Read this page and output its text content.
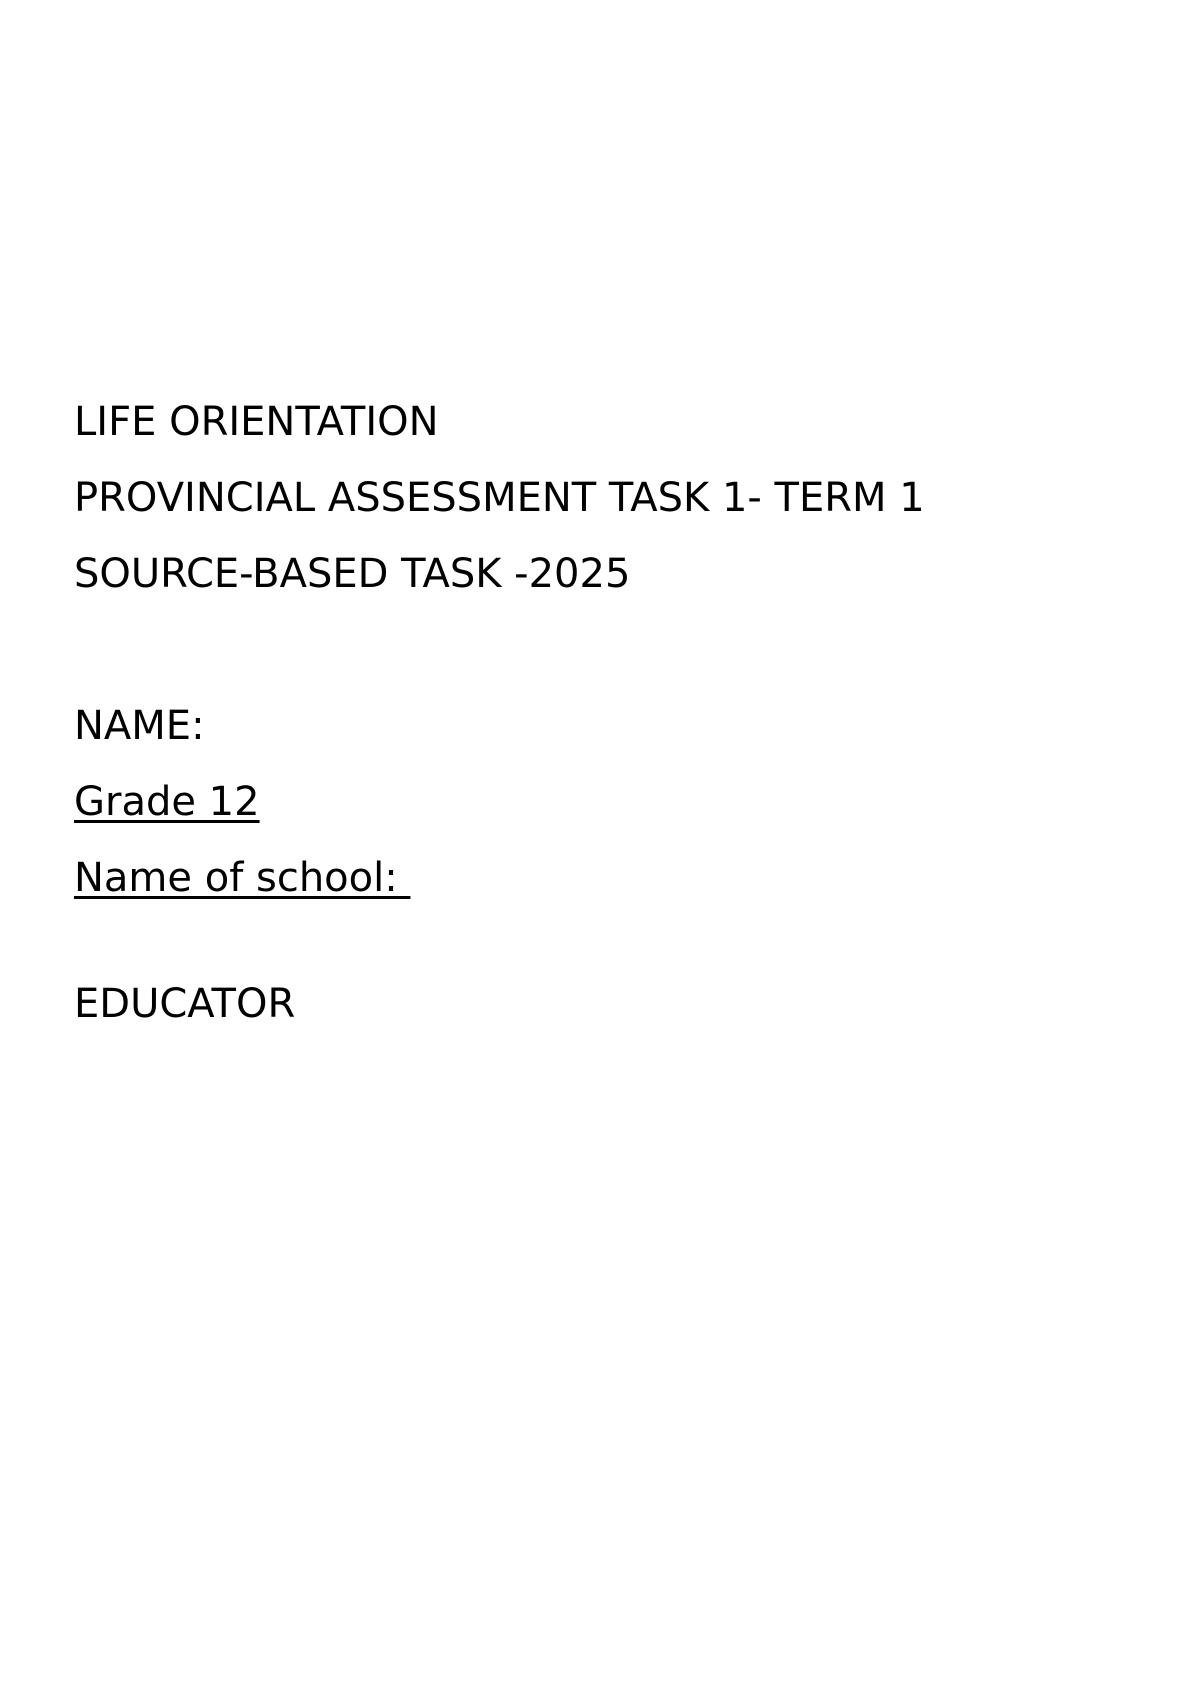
LIFE ORIENTATION
PROVINCIAL ASSESSMENT TASK 1- TERM 1
SOURCE-BASED TASK -2025

NAME:

Grade 12

Name of school:

EDUCATOR
